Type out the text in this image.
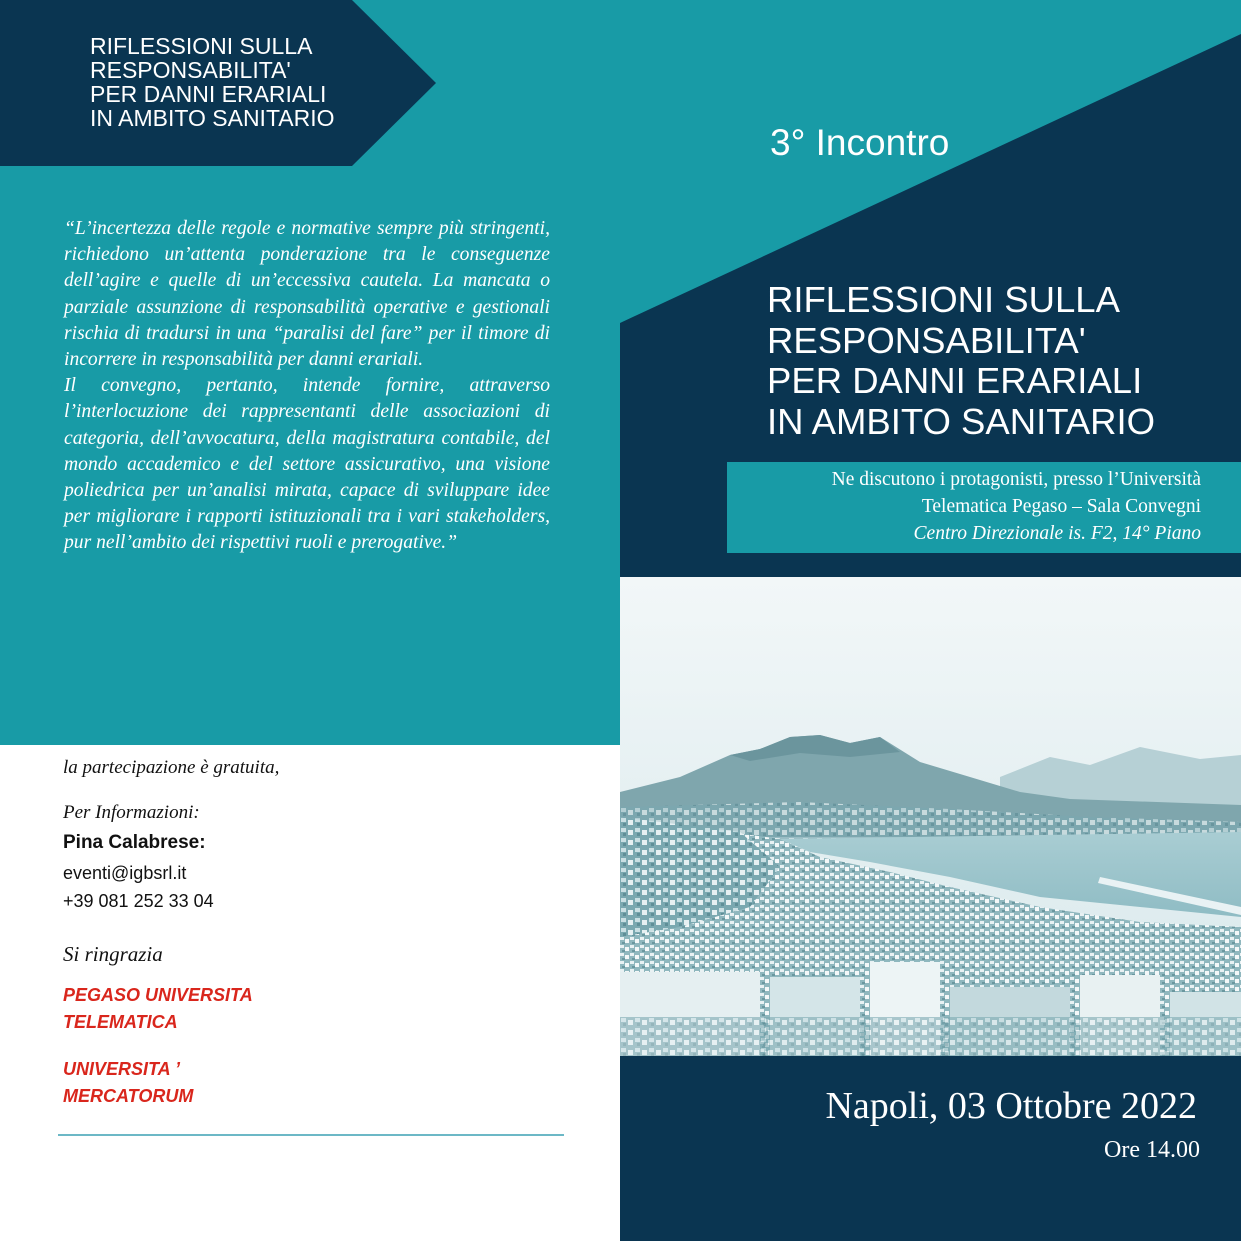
RIFLESSIONI SULLA
RESPONSABILITA'
PER DANNI ERARIALI
IN AMBITO SANITARIO

“L’incertezza delle regole e normative sempre più stringenti, richiedono un’attenta ponderazione tra le conseguenze dell’agire e quelle di un’eccessiva cautela. La mancata o parziale assunzione di responsabilità operative e gestionali rischia di tradursi in una “paralisi del fare” per il timore di incorrere in responsabilità per danni erariali.

Il convegno, pertanto, intende fornire, attraverso l’interlocuzione dei rappresentanti delle associazioni di categoria, dell’avvocatura, della magistratura contabile, del mondo accademico e del settore assicurativo, una visione poliedrica per un’analisi mirata, capace di sviluppare idee per migliorare i rapporti istituzionali tra i vari stakeholders, pur nell’ambito dei rispettivi ruoli e prerogative.”

la partecipazione è gratuita,
Per Informazioni:
Pina Calabrese:
eventi@igbsrl.it
+39 081 252 33 04
Si ringrazia
PEGASO UNIVERSITA
TELEMATICA
UNIVERSITA ’
MERCATORUM
3° Incontro
RIFLESSIONI SULLA
RESPONSABILITA'
PER DANNI ERARIALI
IN AMBITO SANITARIO
Ne discutono i protagonisti, presso l’Università
Telematica Pegaso – Sala Convegni
Centro Direzionale is. F2, 14° Piano
Napoli, 03 Ottobre 2022
Ore 14.00
